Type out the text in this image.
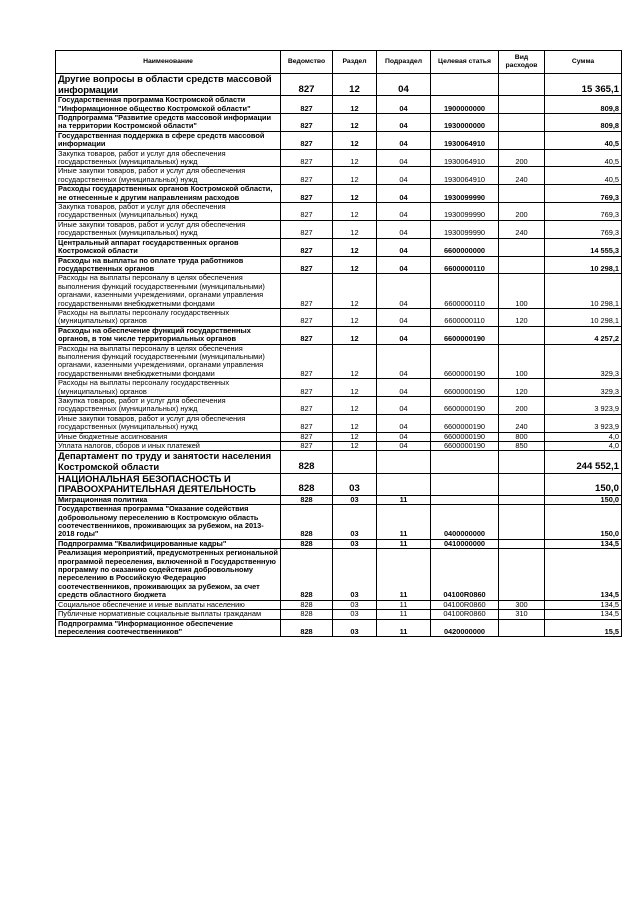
Наименование	Ведомство	Раздел	Подраздел	Целевая статья	Вид расходов	Сумма
Другие вопросы в области средств массовой информации	827	12	04			15 365,1
Государственная программа Костромской области "Информационное общество Костромской области"	827	12	04	1900000000		809,8
Подпрограмма "Развитие средств массовой информации на территории Костромской области"	827	12	04	1930000000		809,8
Государственная поддержка в сфере средств массовой информации	827	12	04	1930064910		40,5
Закупка товаров, работ и услуг для обеспечения государственных (муниципальных) нужд	827	12	04	1930064910	200	40,5
Иные закупки товаров, работ и услуг для обеспечения государственных (муниципальных) нужд	827	12	04	1930064910	240	40,5
Расходы государственных органов Костромской области, не отнесенные к другим направлениям расходов	827	12	04	1930099990		769,3
Закупка товаров, работ и услуг для обеспечения государственных (муниципальных) нужд	827	12	04	1930099990	200	769,3
Иные закупки товаров, работ и услуг для обеспечения государственных (муниципальных) нужд	827	12	04	1930099990	240	769,3
Центральный аппарат государственных органов Костромской области	827	12	04	6600000000		14 555,3
Расходы на выплаты по оплате труда работников государственных органов	827	12	04	6600000110		10 298,1
Расходы на выплаты персоналу в целях обеспечения выполнения функций государственными (муниципальными) органами, казенными учреждениями, органами управления государственными внебюджетными фондами	827	12	04	6600000110	100	10 298,1
Расходы на выплаты персоналу государственных (муниципальных) органов	827	12	04	6600000110	120	10 298,1
Расходы на обеспечение функций государственных органов, в том числе территориальных органов	827	12	04	6600000190		4 257,2
Расходы на выплаты персоналу в целях обеспечения выполнения функций государственными (муниципальными) органами, казенными учреждениями, органами управления государственными внебюджетными фондами	827	12	04	6600000190	100	329,3
Расходы на выплаты персоналу государственных (муниципальных) органов	827	12	04	6600000190	120	329,3
Закупка товаров, работ и услуг для обеспечения государственных (муниципальных) нужд	827	12	04	6600000190	200	3 923,9
Иные закупки товаров, работ и услуг для обеспечения государственных (муниципальных) нужд	827	12	04	6600000190	240	3 923,9
Иные бюджетные ассигнования	827	12	04	6600000190	800	4,0
Уплата налогов, сборов и иных платежей	827	12	04	6600000190	850	4,0
Департамент по труду и занятости населения Костромской области	828					244 552,1
НАЦИОНАЛЬНАЯ БЕЗОПАСНОСТЬ И ПРАВООХРАНИТЕЛЬНАЯ ДЕЯТЕЛЬНОСТЬ	828	03				150,0
Миграционная политика	828	03	11			150,0
Государственная программа "Оказание содействия добровольному переселению в Костромскую область соотечественников, проживающих за рубежом, на 2013-2018 годы"	828	03	11	0400000000		150,0
Подпрограмма "Квалифицированные кадры"	828	03	11	0410000000		134,5
Реализация мероприятий, предусмотренных региональной программой переселения, включенной в Государственную программу по оказанию содействия добровольному переселению в Российскую Федерацию соотечественников, проживающих за рубежом, за счет средств областного бюджета	828	03	11	04100R0860		134,5
Социальное обеспечение и иные выплаты населению	828	03	11	04100R0860	300	134,5
Публичные нормативные социальные выплаты гражданам	828	03	11	04100R0860	310	134,5
Подпрограмма "Информационное обеспечение переселения соотечественников"	828	03	11	0420000000		15,5
